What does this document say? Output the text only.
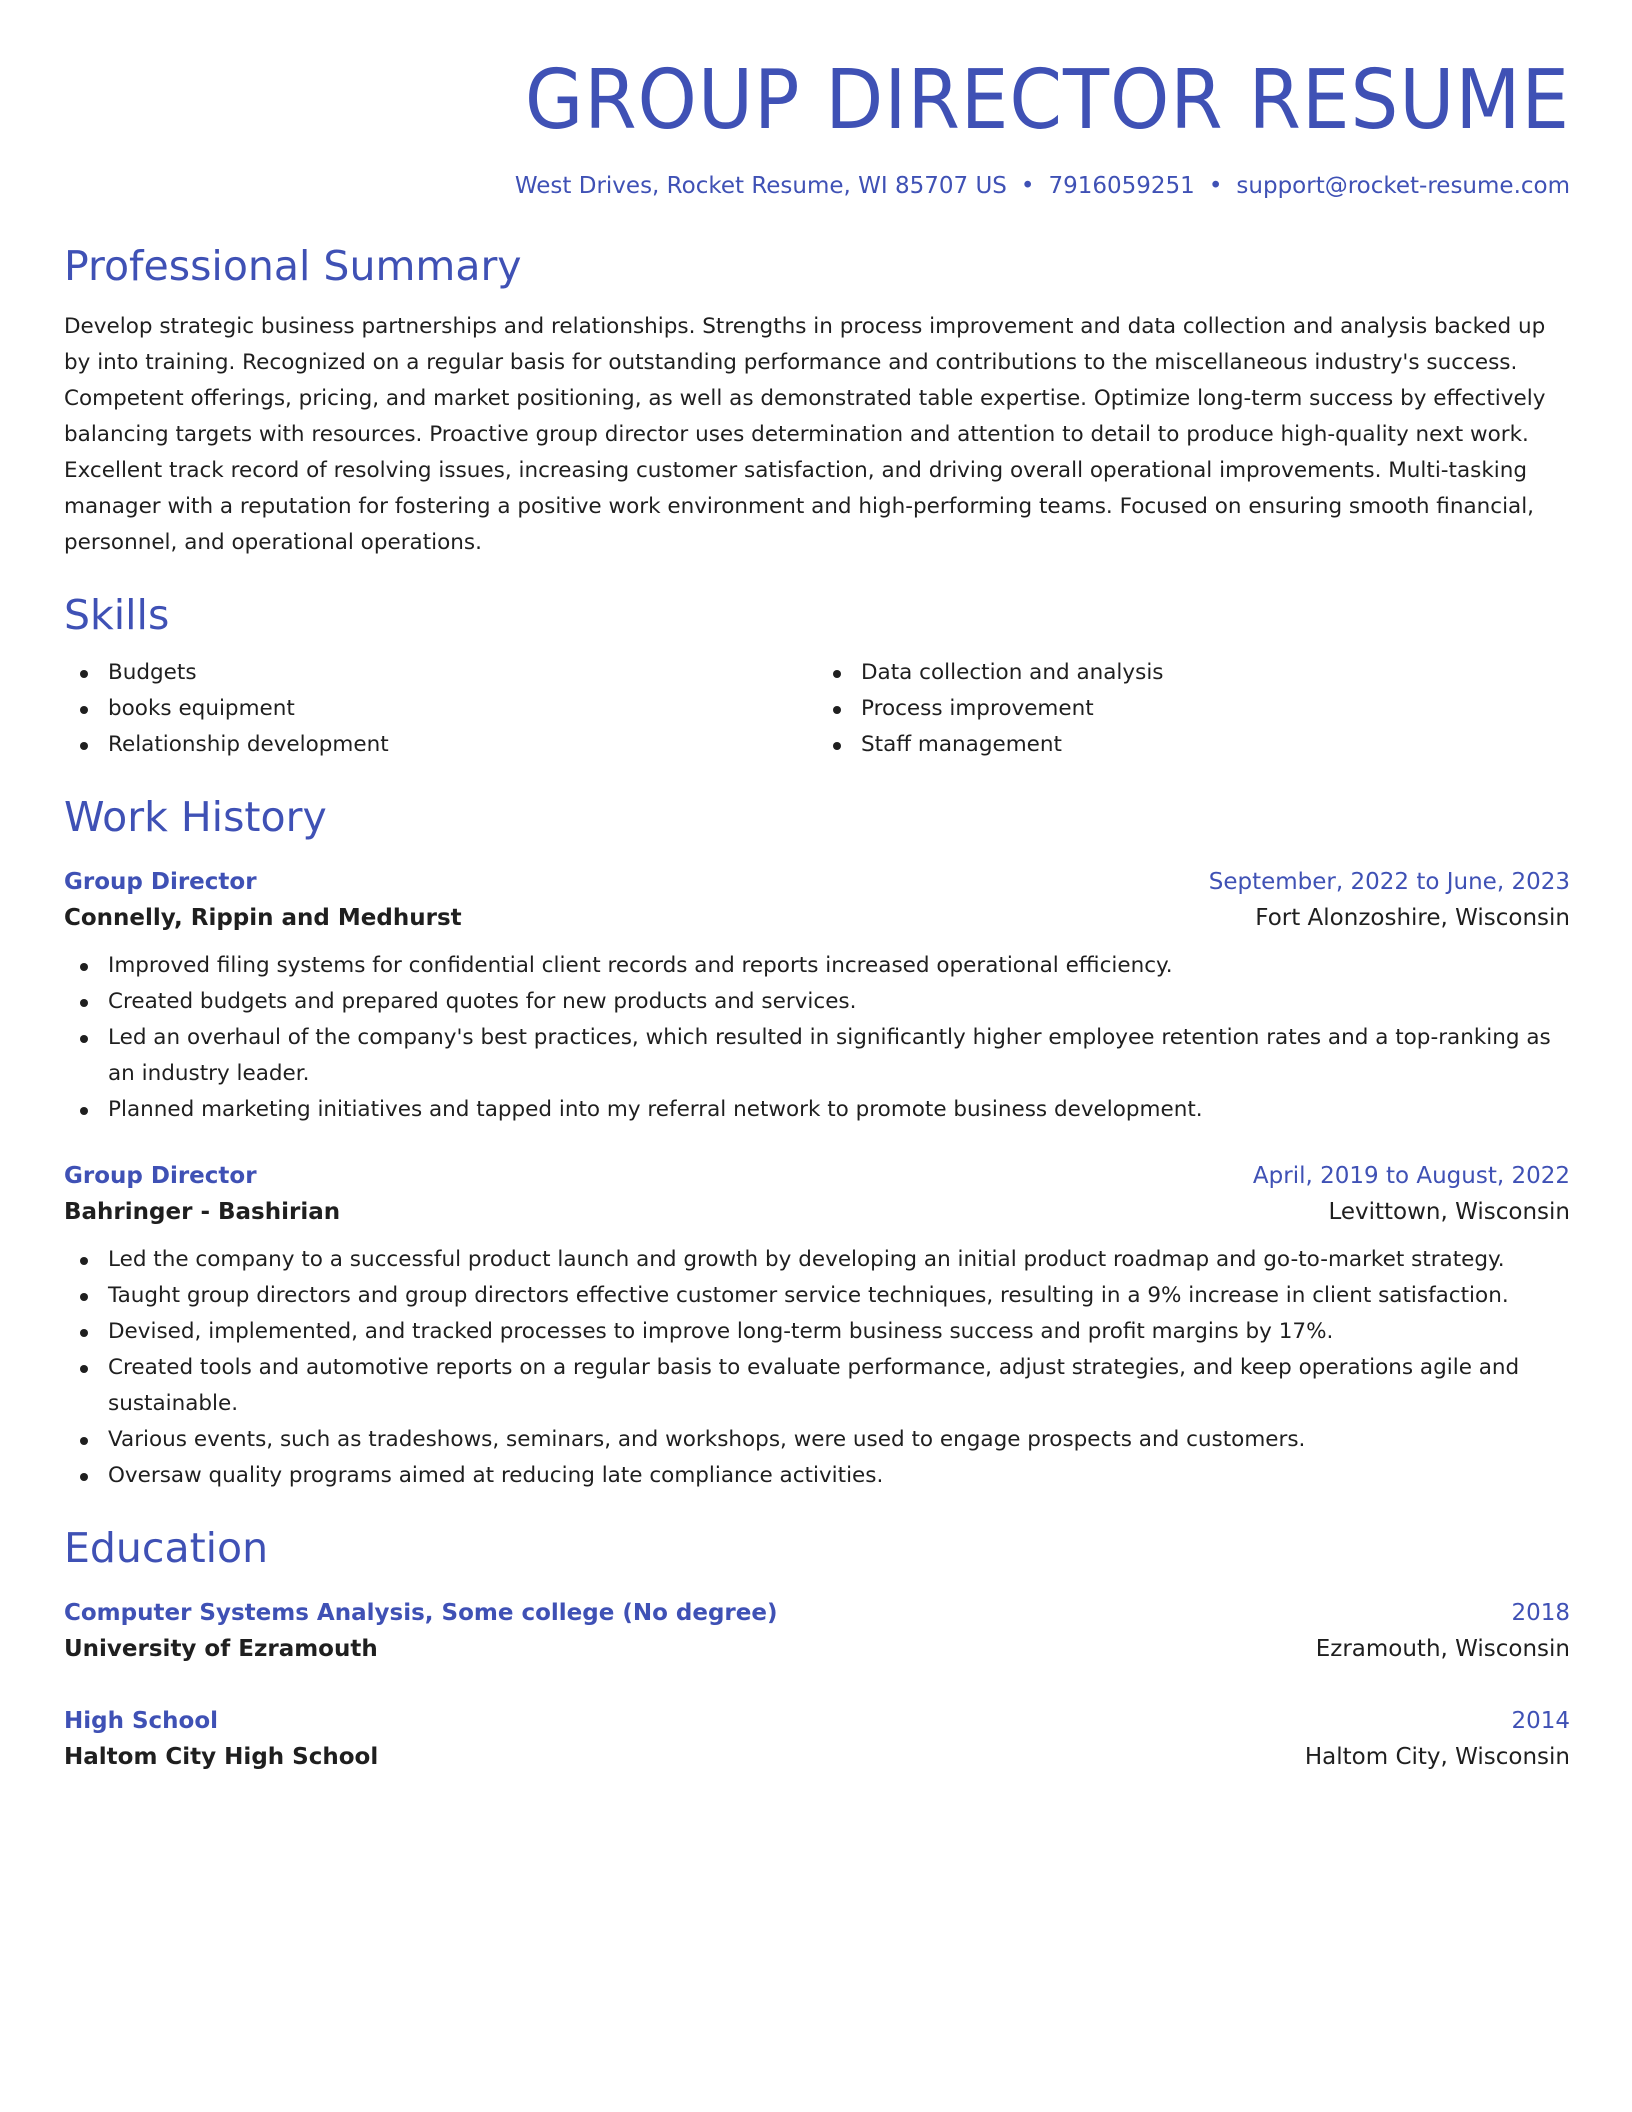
GROUP DIRECTOR RESUME
West Drives, Rocket Resume, WI 85707 US • 7916059251 • support@rocket-resume.com
Professional Summary

Develop strategic business partnerships and relationships. Strengths in process improvement and data collection and analysis backed up by into training. Recognized on a regular basis for outstanding performance and contributions to the miscellaneous industry's success. Competent offerings, pricing, and market positioning, as well as demonstrated table expertise. Optimize long-term success by effectively balancing targets with resources. Proactive group director uses determination and attention to detail to produce high-quality next work. Excellent track record of resolving issues, increasing customer satisfaction, and driving overall operational improvements. Multi-tasking manager with a reputation for fostering a positive work environment and high-performing teams. Focused on ensuring smooth financial, personnel, and operational operations.

Skills
Budgets
books equipment
Relationship development
Data collection and analysis
Process improvement
Staff management
Work History
Group Director	September, 2022 to June, 2023
Connelly, Rippin and Medhurst	Fort Alonzoshire, Wisconsin
Improved filing systems for confidential client records and reports increased operational efficiency.
Created budgets and prepared quotes for new products and services.
Led an overhaul of the company's best practices, which resulted in significantly higher employee retention rates and a top-ranking as an industry leader.
Planned marketing initiatives and tapped into my referral network to promote business development.
Group Director	April, 2019 to August, 2022
Bahringer - Bashirian	Levittown, Wisconsin
Led the company to a successful product launch and growth by developing an initial product roadmap and go-to-market strategy.
Taught group directors and group directors effective customer service techniques, resulting in a 9% increase in client satisfaction.
Devised, implemented, and tracked processes to improve long-term business success and profit margins by 17%.
Created tools and automotive reports on a regular basis to evaluate performance, adjust strategies, and keep operations agile and sustainable.
Various events, such as tradeshows, seminars, and workshops, were used to engage prospects and customers.
Oversaw quality programs aimed at reducing late compliance activities.
Education
Computer Systems Analysis, Some college (No degree)	2018
University of Ezramouth	Ezramouth, Wisconsin
High School	2014
Haltom City High School	Haltom City, Wisconsin
